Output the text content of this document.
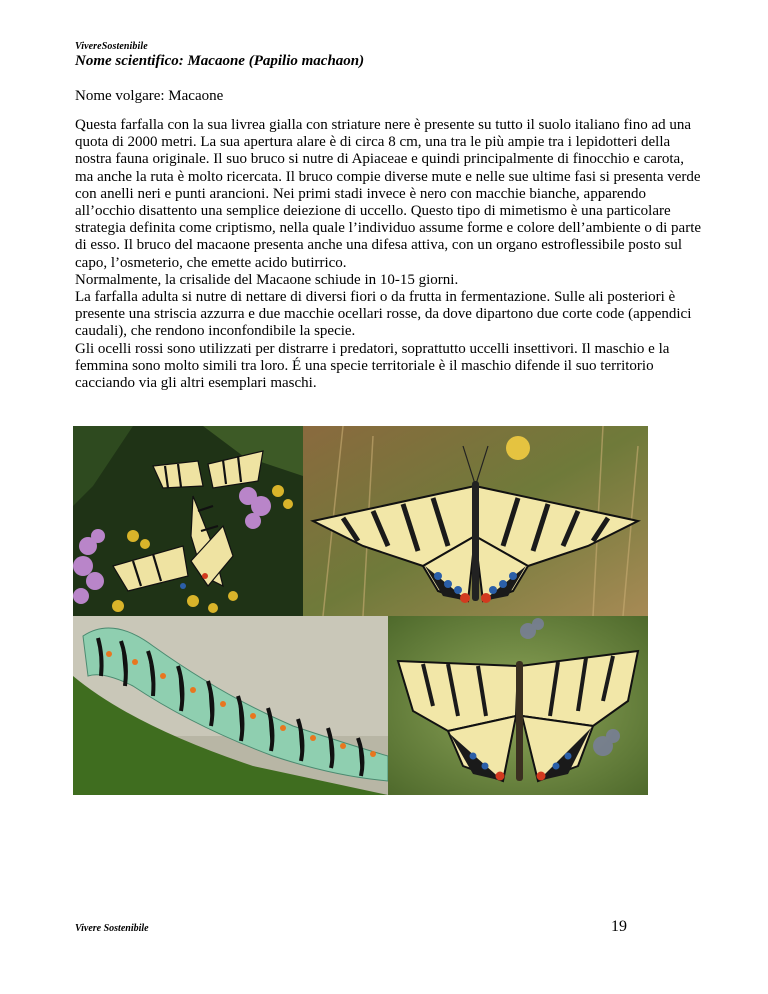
VivereSostenibile
Nome scientifico: Macaone (Papilio machaon)
Nome volgare: Macaone

Questa farfalla con la sua livrea gialla con striature nere è presente su tutto il suolo italiano fino ad una quota di 2000 metri. La sua apertura alare è di circa 8 cm, una tra le più ampie tra i lepidotteri della nostra fauna originale. Il suo bruco si nutre di Apiaceae e quindi principalmente di finocchio e carota, ma anche la ruta è molto ricercata. Il bruco compie diverse mute e nelle sue ultime fasi si presenta verde con anelli neri e punti arancioni. Nei primi stadi invece è nero con macchie bianche, apparendo all’occhio disattento una semplice deiezione di uccello. Questo tipo di mimetismo è una particolare strategia definita come criptismo, nella quale l’individuo assume forme e colore dell’ambiente o di parte di esso. Il bruco del macaone presenta anche una difesa attiva, con un organo estroflessibile posto sul capo, l’osmeterio, che emette acido butirrico.

Normalmente, la crisalide del Macaone schiude in 10-15 giorni.

La farfalla adulta si nutre di nettare di diversi fiori o da frutta in fermentazione. Sulle ali posteriori è presente una striscia azzurra e due macchie ocellari rosse, da dove dipartono due corte code (appendici caudali), che rendono inconfondibile la specie.

Gli ocelli rossi sono utilizzati per distrarre i predatori, soprattutto uccelli insettivori. Il maschio e la femmina sono molto simili tra loro. É una specie territoriale è il maschio difende il suo territorio cacciando via gli altri esemplari maschi.

Vivere Sostenibile	19
